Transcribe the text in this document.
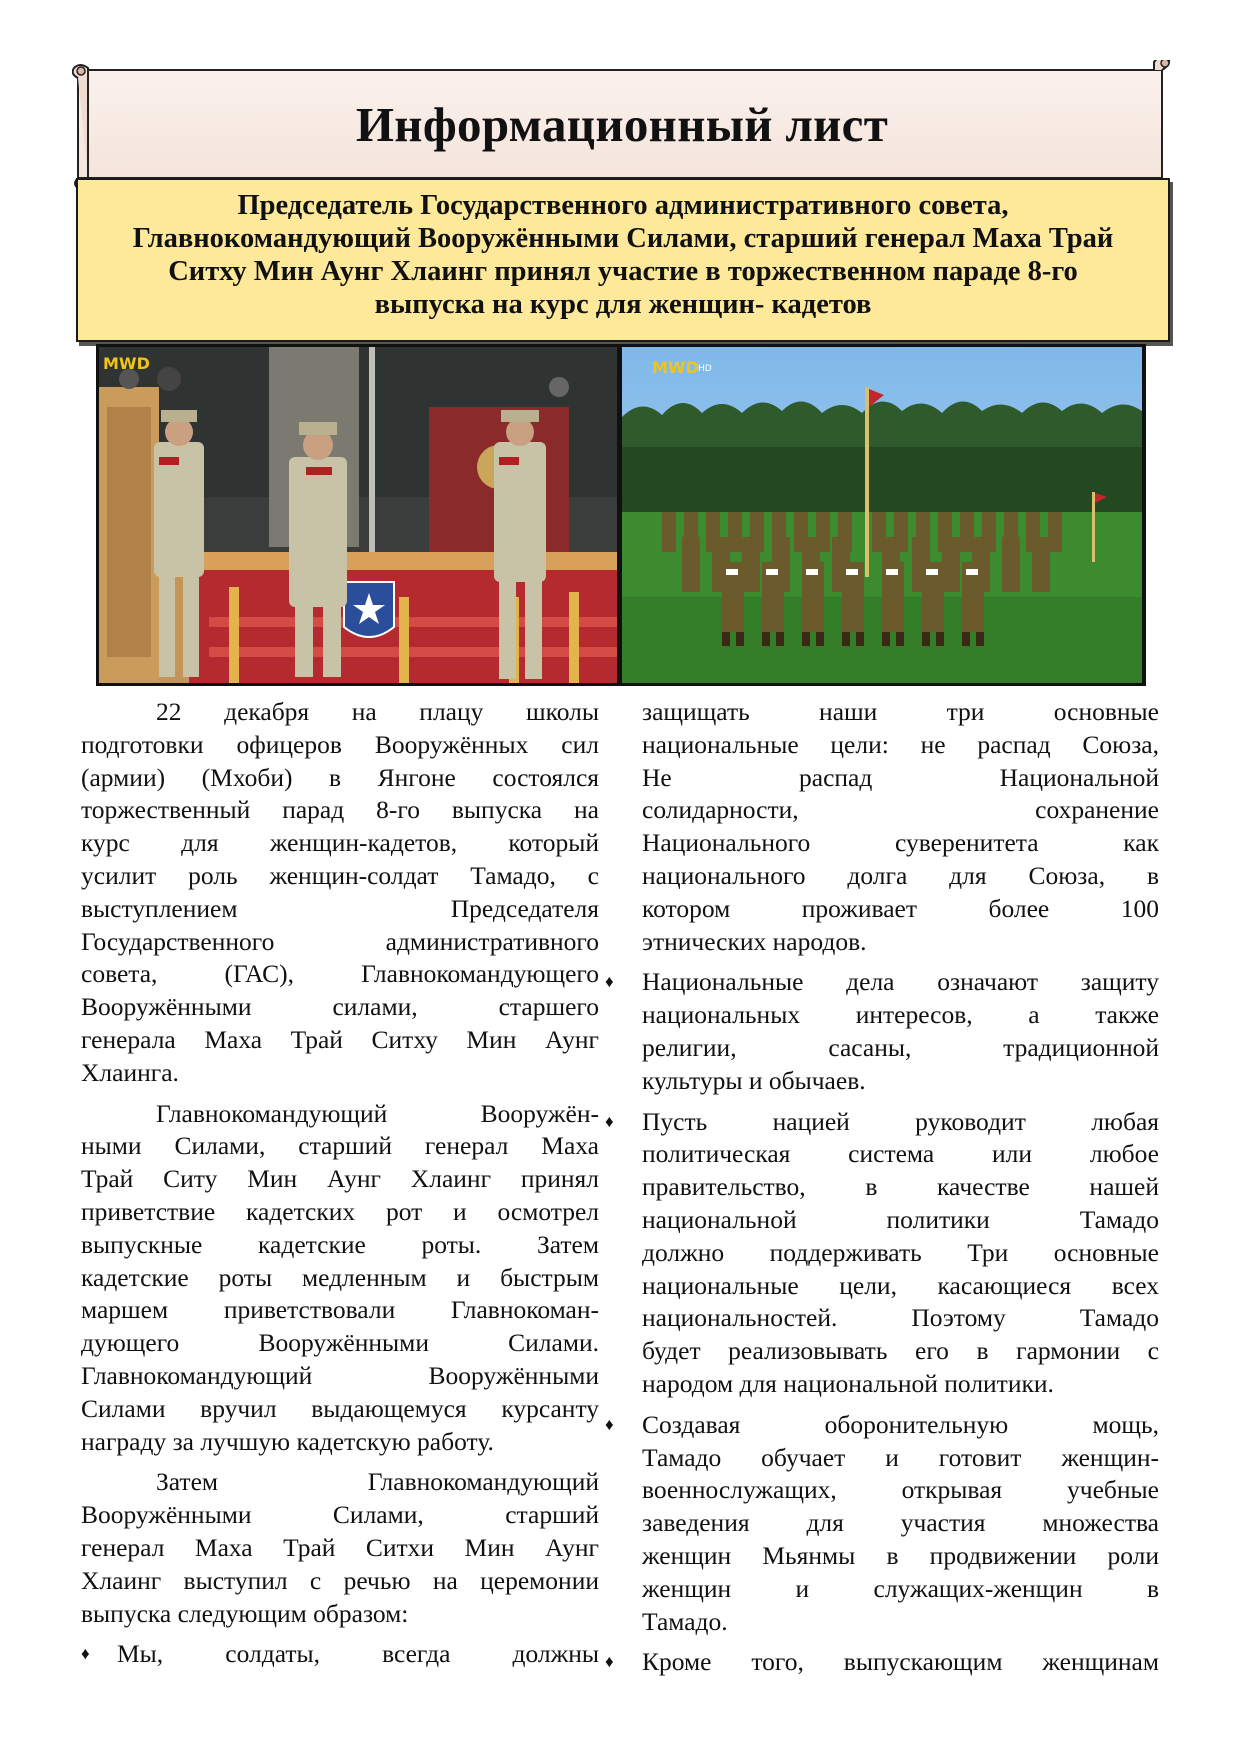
Информационный лист
Председатель Государственного административного совета,
Главнокомандующий Вооружёнными Силами, старший генерал Маха Трай
Ситху Мин Аунг Хлаинг принял участие в торжественном параде 8-го
выпуска на курс для женщин- кадетов
MWD	MWD HD
22 декабря на плацу школы
подготовки офицеров Вооружённых сил
(армии) (Мхоби) в Янгоне состоялся
торжественный парад 8-го выпуска на
курс для женщин-кадетов, который
усилит роль женщин-солдат Тамадо, с
выступлением Председателя
Государственного административного
совета, (ГАС), Главнокомандующего
Вооружёнными силами, старшего
генерала Маха Трай Ситху Мин Аунг
Хлаинга.
Главнокомандующий Вооружён-
ными Силами, старший генерал Маха
Трай Ситу Мин Аунг Хлаинг принял
приветствие кадетских рот и осмотрел
выпускные кадетские роты. Затем
кадетские роты медленным и быстрым
маршем приветствовали Главнокоман-
дующего Вооружёнными Силами.
Главнокомандующий Вооружёнными
Силами вручил выдающемуся курсанту
награду за лучшую кадетскую работу.
Затем Главнокомандующий
Вооружёнными Силами, старший
генерал Маха Трай Ситхи Мин Аунг
Хлаинг выступил с речью на церемонии
выпуска следующим образом:
♦ Мы, солдаты, всегда должны
защищать наши три основные
национальные цели: не распад Союза,
Не распад Национальной
солидарности, сохранение
Национального суверенитета как
национального долга для Союза, в
котором проживает более 100
этнических народов.
♦ Национальные дела означают защиту
национальных интересов, а также
религии, сасаны, традиционной
культуры и обычаев.
♦ Пусть нацией руководит любая
политическая система или любое
правительство, в качестве нашей
национальной политики Тамадо
должно поддерживать Три основные
национальные цели, касающиеся всех
национальностей. Поэтому Тамадо
будет реализовывать его в гармонии с
народом для национальной политики.
♦ Создавая оборонительную мощь,
Тамадо обучает и готовит женщин-
военнослужащих, открывая учебные
заведения для участия множества
женщин Мьянмы в продвижении роли
женщин и служащих-женщин в
Тамадо.
♦ Кроме того, выпускающим женщинам
